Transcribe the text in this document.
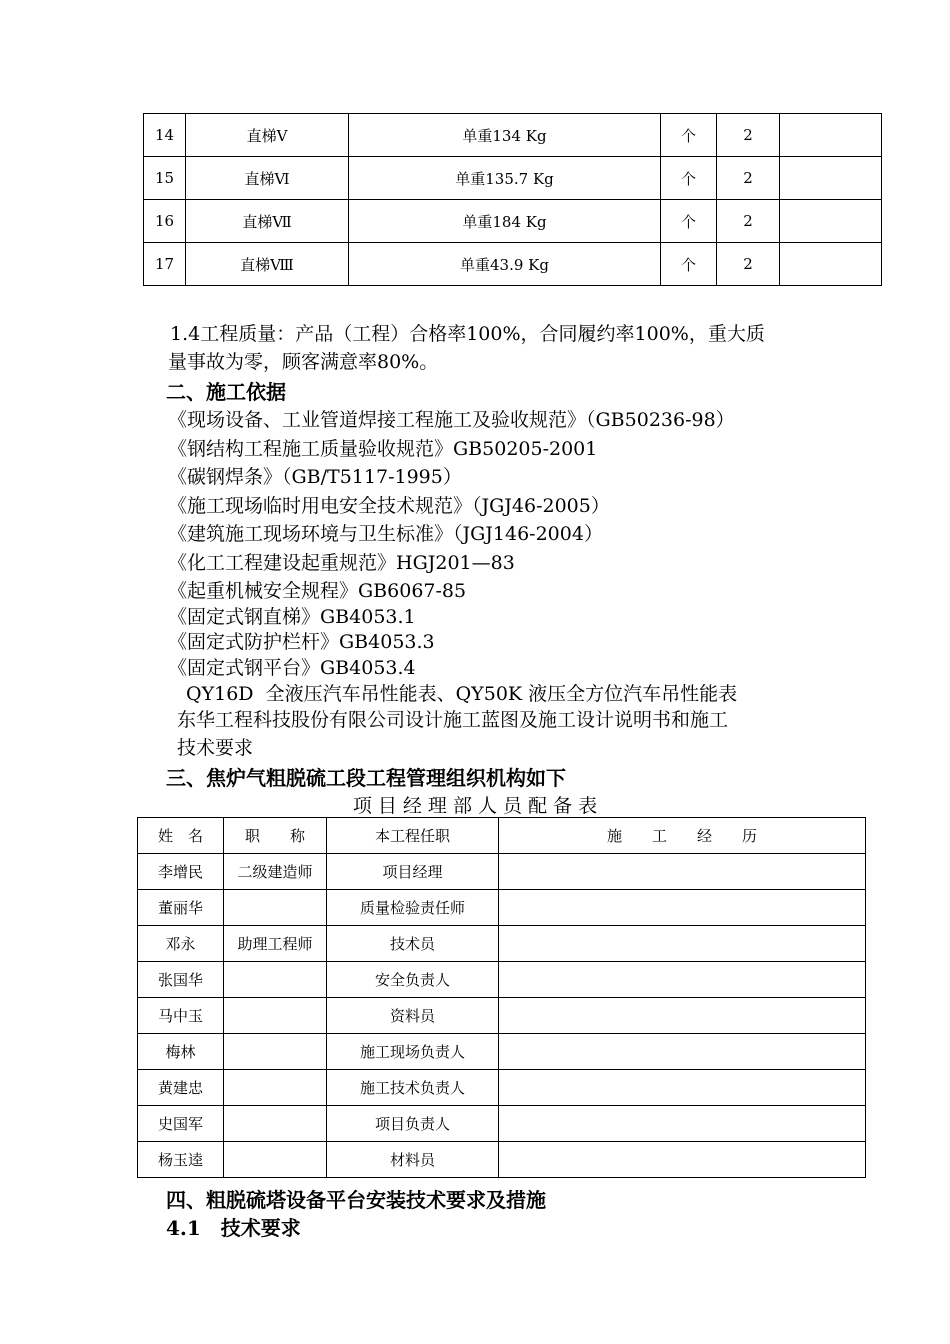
14	直梯Ⅴ	单重134 Kg	个	2	
15	直梯Ⅵ	单重135.7 Kg	个	2	
16	直梯Ⅶ	单重184 Kg	个	2	
17	直梯Ⅷ	单重43.9 Kg	个	2	
1.4工程质量：产品（工程）合格率100%，合同履约率100%，重大质
量事故为零，顾客满意率80%。
二、施工依据
《现场设备、工业管道焊接工程施工及验收规范》（GB50236-98）
《钢结构工程施工质量验收规范》GB50205-2001
《碳钢焊条》（GB/T5117-1995）
《施工现场临时用电安全技术规范》（JGJ46-2005）
《建筑施工现场环境与卫生标准》（JGJ146-2004）
《化工工程建设起重规范》HGJ201—83
《起重机械安全规程》GB6067-85
《固定式钢直梯》GB4053.1
《固定式防护栏杆》GB4053.3
《固定式钢平台》GB4053.4
QY16D  全液压汽车吊性能表、QY50K 液压全方位汽车吊性能表
东华工程科技股份有限公司设计施工蓝图及施工设计说明书和施工
技术要求
三、焦炉气粗脱硫工段工程管理组织机构如下
项 目 经 理 部 人 员 配 备 表
姓　名	职　　称	本工程任职	施　　工　　经　　历
李增民	二级建造师	项目经理	
董丽华		质量检验责任师	
邓永	助理工程师	技术员	
张国华		安全负责人	
马中玉		资料员	
梅林		施工现场负责人	
黄建忠		施工技术负责人	
史国军		项目负责人	
杨玉逵		材料员	
四、粗脱硫塔设备平台安装技术要求及措施
4.1　技术要求
